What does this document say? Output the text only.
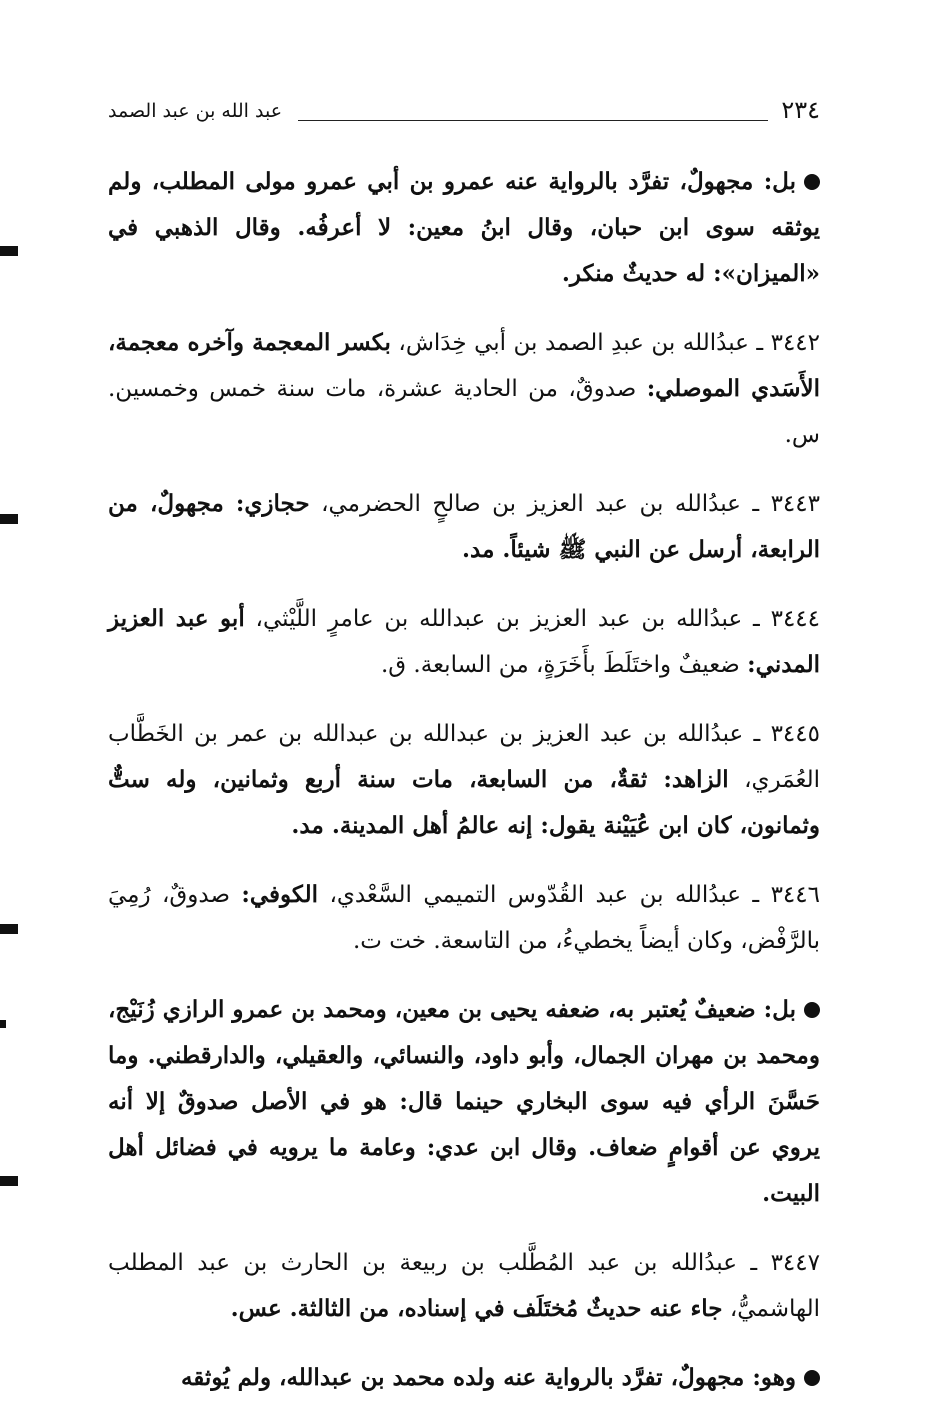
٢٣٤
عبد الله بن عبد الصمد

بل: مجهولٌ، تفرَّد بالرواية عنه عمرو بن أبي عمرو مولى المطلب، ولم يوثقه سوى ابن حبان، وقال ابنُ معين: لا أعرفُه. وقال الذهبي في «الميزان»: له حديثٌ منكر.

٣٤٤٢ ـ عبدُالله بن عبدِ الصمد بن أبي خِدَاش، بكسر المعجمة وآخره معجمة، الأَسَدي الموصلي: صدوقٌ، من الحادية عشرة، مات سنة خمس وخمسين. س.

٣٤٤٣ ـ عبدُالله بن عبد العزيز بن صالحٍ الحضرمي، حجازي: مجهولٌ، من الرابعة، أرسل عن النبي ﷺ شيئاً. مد.

٣٤٤٤ ـ عبدُالله بن عبد العزيز بن عبدالله بن عامرٍ اللَّيْثي، أبو عبد العزيز المدني: ضعيفٌ واختَلَطَ بأَخَرَةٍ، من السابعة. ق.

٣٤٤٥ ـ عبدُالله بن عبد العزيز بن عبدالله بن عبدالله بن عمر بن الخَطَّاب العُمَري، الزاهد: ثقةٌ، من السابعة، مات سنة أربع وثمانين، وله ستٌّ وثمانون، كان ابن عُيَيْنة يقول: إنه عالمُ أهل المدينة. مد.

٣٤٤٦ ـ عبدُالله بن عبد القُدّوس التميمي السَّعْدي، الكوفي: صدوقٌ، رُمِيَ بالرَّفْض، وكان أيضاً يخطيءُ، من التاسعة. خت ت.

بل: ضعيفٌ يُعتبر به، ضعفه يحيى بن معين، ومحمد بن عمرو الرازي زُنَيْج، ومحمد بن مهران الجمال، وأبو داود، والنسائي، والعقيلي، والدارقطني. وما حَسَّنَ الرأي فيه سوى البخاري حينما قال: هو في الأصل صدوقٌ إلا أنه يروي عن أقوامٍ ضعاف. وقال ابن عدي: وعامة ما يرويه في فضائل أهل البيت.

٣٤٤٧ ـ عبدُالله بن عبد المُطَّلب بن ربيعة بن الحارث بن عبد المطلب الهاشميُّ، جاء عنه حديثٌ مُختَلَف في إسناده، من الثالثة. عس.

وهو: مجهولٌ، تفرَّد بالرواية عنه ولده محمد بن عبدالله، ولم يُوثقه
